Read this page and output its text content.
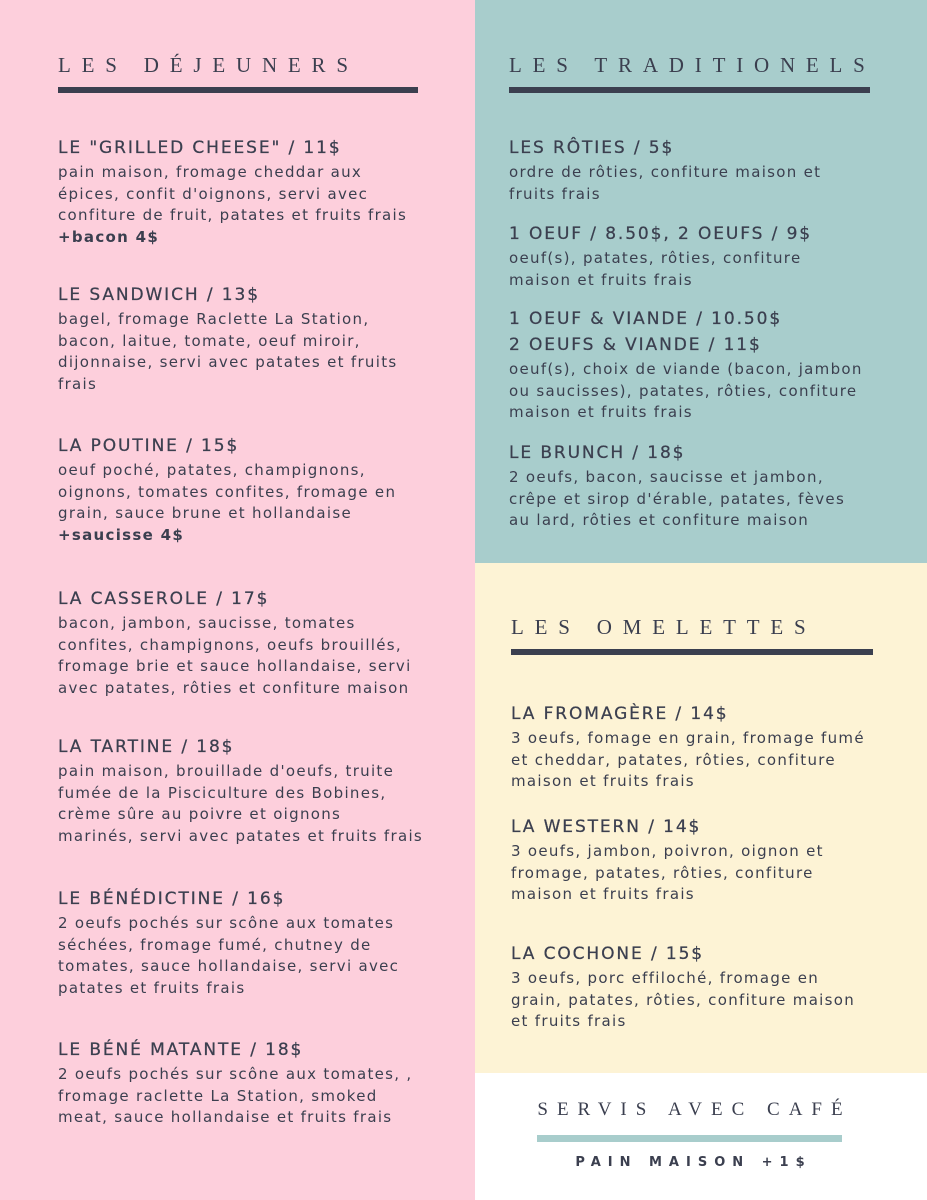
LES DÉJEUNERS
LE "GRILLED CHEESE" / 11$
pain maison, fromage cheddar aux
épices, confit d'oignons, servi avec
confiture de fruit, patates et fruits frais
+bacon 4$
LE SANDWICH / 13$
bagel, fromage Raclette La Station,
bacon, laitue, tomate, oeuf miroir,
dijonnaise, servi avec patates et fruits
frais
LA POUTINE / 15$
oeuf poché, patates, champignons,
oignons, tomates confites, fromage en
grain, sauce brune et hollandaise
+saucisse 4$
LA CASSEROLE / 17$
bacon, jambon, saucisse, tomates
confites, champignons, oeufs brouillés,
fromage brie et sauce hollandaise, servi
avec patates, rôties et confiture maison
LA TARTINE / 18$
pain maison, brouillade d'oeufs, truite
fumée de la Pisciculture des Bobines,
crème sûre au poivre et oignons
marinés, servi avec patates et fruits frais
LE BÉNÉDICTINE / 16$
2 oeufs pochés sur scône aux tomates
séchées, fromage fumé, chutney de
tomates, sauce hollandaise, servi avec
patates et fruits frais
LE BÉNÉ MATANTE / 18$
2 oeufs pochés sur scône aux tomates, ,
fromage raclette La Station, smoked
meat, sauce hollandaise et fruits frais
LES TRADITIONELS
LES RÔTIES / 5$
ordre de rôties, confiture maison et
fruits frais
1 OEUF / 8.50$, 2 OEUFS / 9$
oeuf(s), patates, rôties, confiture
maison et fruits frais
1 OEUF & VIANDE / 10.50$
2 OEUFS & VIANDE / 11$
oeuf(s), choix de viande (bacon, jambon
ou saucisses), patates, rôties, confiture
maison et fruits frais
LE BRUNCH / 18$
2 oeufs, bacon, saucisse et jambon,
crêpe et sirop d'érable, patates, fèves
au lard, rôties et confiture maison
LES OMELETTES
LA FROMAGÈRE / 14$
3 oeufs, fomage en grain, fromage fumé
et cheddar, patates, rôties, confiture
maison et fruits frais
LA WESTERN / 14$
3 oeufs, jambon, poivron, oignon et
fromage, patates, rôties, confiture
maison et fruits frais
LA COCHONE / 15$
3 oeufs, porc effiloché, fromage en
grain, patates, rôties, confiture maison
et fruits frais
SERVIS AVEC CAFÉ
PAIN MAISON +1$
